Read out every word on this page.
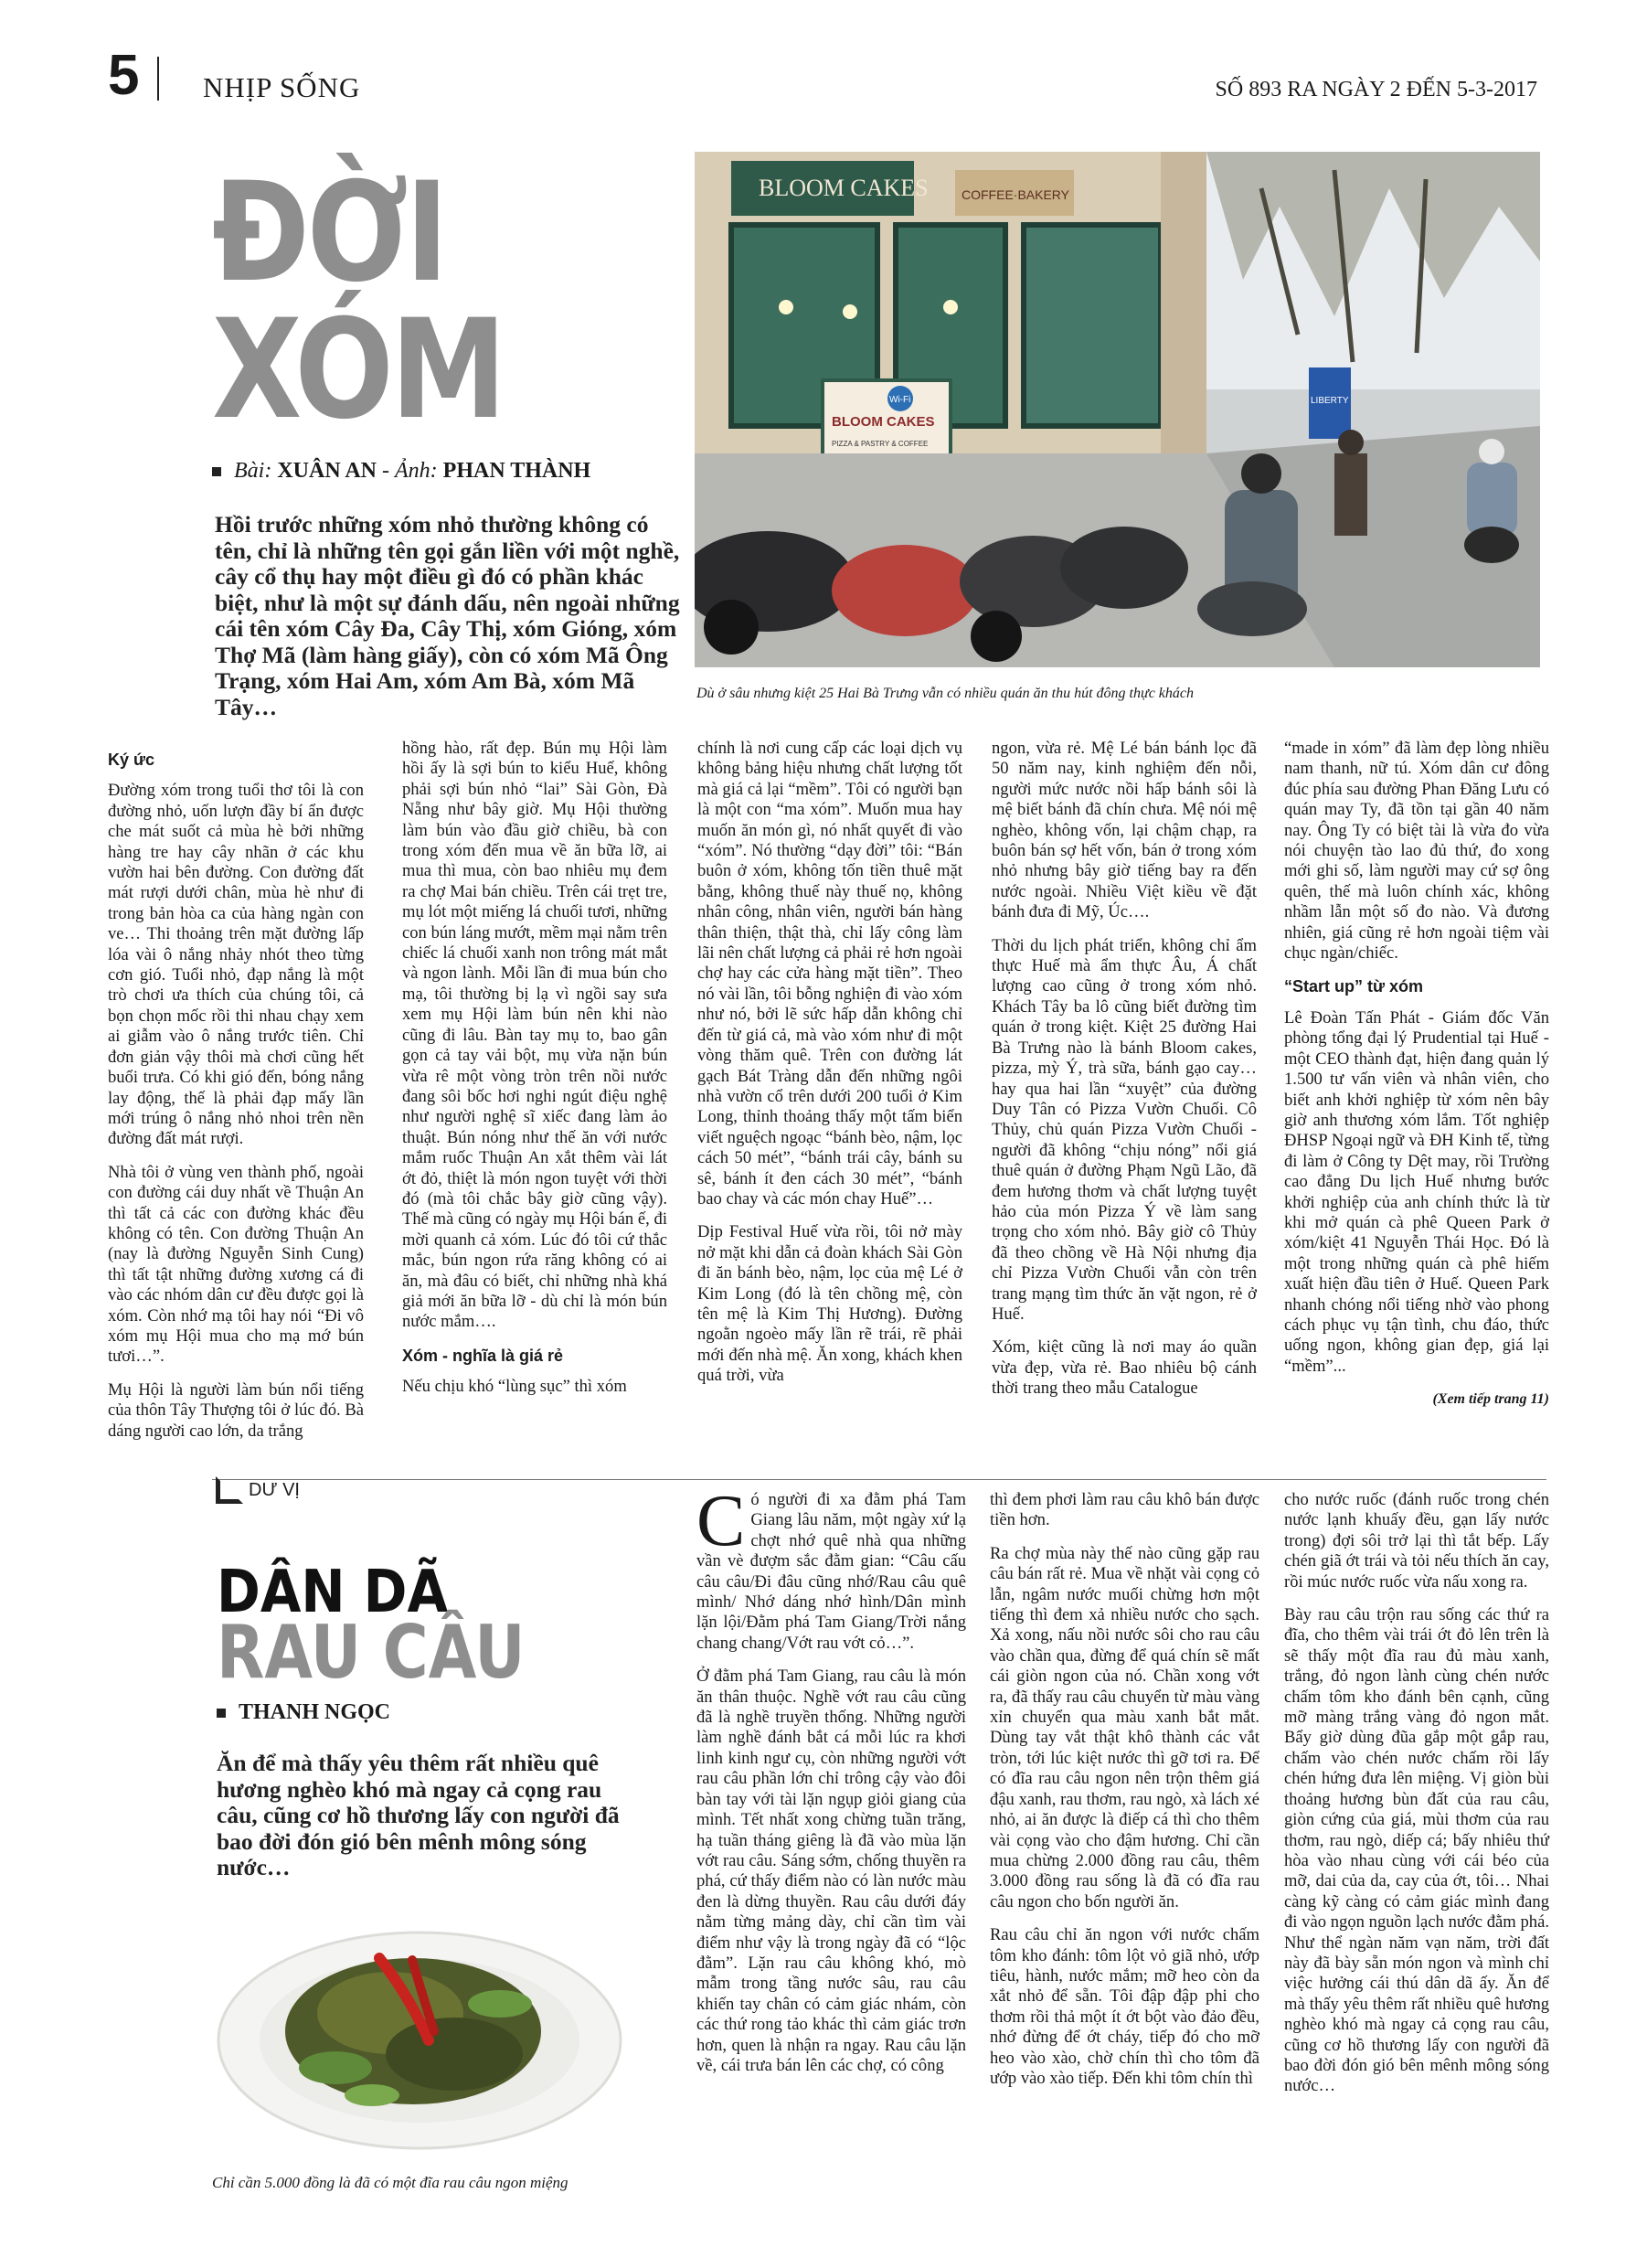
5 NHỊP SỐNG	SỐ 893 RA NGÀY 2 ĐẾN 5-3-2017
ĐỜI
XÓM
Bài: XUÂN AN - Ảnh: PHAN THÀNH
Hồi trước những xóm nhỏ thường không có tên, chỉ là những tên gọi gắn liền với một nghề, cây cổ thụ hay một điều gì đó có phần khác biệt, như là một sự đánh dấu, nên ngoài những cái tên xóm Cây Đa, Cây Thị, xóm Gióng, xóm Thợ Mã (làm hàng giấy), còn có xóm Mã Ông Trạng, xóm Hai Am, xóm Am Bà, xóm Mã Tây…
BLOOM CAKES	COFFEE·BAKERY
BLOOM CAKES
PIZZA & PASTRY & COFFEE
Wi-Fi	LIBERTY
Dù ở sâu nhưng kiệt 25 Hai Bà Trưng vẫn có nhiều quán ăn thu hút đông thực khách
Ký ức

Đường xóm trong tuổi thơ tôi là con đường nhỏ, uốn lượn đầy bí ẩn được che mát suốt cả mùa hè bởi những hàng tre hay cây nhãn ở các khu vườn hai bên đường. Con đường đất mát rượi dưới chân, mùa hè như đi trong bản hòa ca của hàng ngàn con ve… Thi thoảng trên mặt đường lấp lóa vài ô nắng nhảy nhót theo từng cơn gió. Tuổi nhỏ, đạp nắng là một trò chơi ưa thích của chúng tôi, cả bọn chọn mốc rồi thi nhau chạy xem ai giẫm vào ô nắng trước tiên. Chỉ đơn giản vậy thôi mà chơi cũng hết buổi trưa. Có khi gió đến, bóng nắng lay động, thế là phải đạp mấy lần mới trúng ô nắng nhỏ nhoi trên nền đường đất mát rượi.

Nhà tôi ở vùng ven thành phố, ngoài con đường cái duy nhất về Thuận An thì tất cả các con đường khác đều không có tên. Con đường Thuận An (nay là đường Nguyễn Sinh Cung) thì tất tật những đường xương cá đi vào các nhóm dân cư đều được gọi là xóm. Còn nhớ mạ tôi hay nói “Đi vô xóm mụ Hội mua cho mạ mớ bún tươi…”.

Mụ Hội là người làm bún nổi tiếng của thôn Tây Thượng tôi ở lúc đó. Bà dáng người cao lớn, da trắng

hồng hào, rất đẹp. Bún mụ Hội làm hồi ấy là sợi bún to kiểu Huế, không phải sợi bún nhỏ “lai” Sài Gòn, Đà Nẵng như bây giờ. Mụ Hội thường làm bún vào đầu giờ chiều, bà con trong xóm đến mua về ăn bữa lỡ, ai mua thì mua, còn bao nhiêu mụ đem ra chợ Mai bán chiều. Trên cái trẹt tre, mụ lót một miếng lá chuối tươi, những con bún láng mướt, mềm mại nằm trên chiếc lá chuối xanh non trông mát mắt và ngon lành. Mỗi lần đi mua bún cho mạ, tôi thường bị lạ vì ngồi say sưa xem mụ Hội làm bún nên khi nào cũng đi lâu. Bàn tay mụ to, bao gân gọn cả tay vải bột, mụ vừa nặn bún vừa rê một vòng tròn trên nồi nước đang sôi bốc hơi nghi ngút điệu nghệ như người nghệ sĩ xiếc đang làm ảo thuật. Bún nóng như thế ăn với nước mắm ruốc Thuận An xắt thêm vài lát ớt đỏ, thiệt là món ngon tuyệt với thời đó (mà tôi chắc bây giờ cũng vậy). Thế mà cũng có ngày mụ Hội bán ế, đi mời quanh cả xóm. Lúc đó tôi cứ thắc mắc, bún ngon rứa răng không có ai ăn, mà đâu có biết, chỉ những nhà khá giả mới ăn bữa lỡ - dù chỉ là món bún nước mắm….

Xóm - nghĩa là giá rẻ

Nếu chịu khó “lùng sục” thì xóm

chính là nơi cung cấp các loại dịch vụ không bảng hiệu nhưng chất lượng tốt mà giá cả lại “mềm”. Tôi có người bạn là một con “ma xóm”. Muốn mua hay muốn ăn món gì, nó nhất quyết đi vào “xóm”. Nó thường “dạy đời” tôi: “Bán buôn ở xóm, không tốn tiền thuê mặt bằng, không thuế này thuế nọ, không nhân công, nhân viên, người bán hàng thân thiện, thật thà, chỉ lấy công làm lãi nên chất lượng cả phải rẻ hơn ngoài chợ hay các cửa hàng mặt tiền”. Theo nó vài lần, tôi bỗng nghiện đi vào xóm như nó, bởi lẽ sức hấp dẫn không chỉ đến từ giá cả, mà vào xóm như đi một vòng thăm quê. Trên con đường lát gạch Bát Tràng dẫn đến những ngôi nhà vườn cổ trên dưới 200 tuổi ở Kim Long, thỉnh thoảng thấy một tấm biển viết nguệch ngoạc “bánh bèo, nậm, lọc cách 50 mét”, “bánh trái cây, bánh su sê, bánh ít đen cách 30 mét”, “bánh bao chay và các món chay Huế”…

Dịp Festival Huế vừa rồi, tôi nở mày nở mặt khi dẫn cả đoàn khách Sài Gòn đi ăn bánh bèo, nậm, lọc của mệ Lé ở Kim Long (đó là tên chồng mệ, còn tên mệ là Kim Thị Hương). Đường ngoằn ngoèo mấy lần rẽ trái, rẽ phải mới đến nhà mệ. Ăn xong, khách khen quá trời, vừa

ngon, vừa rẻ. Mệ Lé bán bánh lọc đã 50 năm nay, kinh nghiệm đến nỗi, người mức nước nồi hấp bánh sôi là mệ biết bánh đã chín chưa. Mệ nói mệ nghèo, không vốn, lại chậm chạp, ra buôn bán sợ hết vốn, bán ở trong xóm nhỏ nhưng bây giờ tiếng bay ra đến nước ngoài. Nhiều Việt kiều về đặt bánh đưa đi Mỹ, Úc….

Thời du lịch phát triển, không chỉ ẩm thực Huế mà ẩm thực Âu, Á chất lượng cao cũng ở trong xóm nhỏ. Khách Tây ba lô cũng biết đường tìm quán ở trong kiệt. Kiệt 25 đường Hai Bà Trưng nào là bánh Bloom cakes, pizza, mỳ Ý, trà sữa, bánh gạo cay… hay qua hai lần “xuyệt” của đường Duy Tân có Pizza Vườn Chuối. Cô Thủy, chủ quán Pizza Vườn Chuối - người đã không “chịu nóng” nổi giá thuê quán ở đường Phạm Ngũ Lão, đã đem hương thơm và chất lượng tuyệt hảo của món Pizza Ý về làm sang trọng cho xóm nhỏ. Bây giờ cô Thủy đã theo chồng về Hà Nội nhưng địa chỉ Pizza Vườn Chuối vẫn còn trên trang mạng tìm thức ăn vặt ngon, rẻ ở Huế.

Xóm, kiệt cũng là nơi may áo quần vừa đẹp, vừa rẻ. Bao nhiêu bộ cánh thời trang theo mẫu Catalogue

“made in xóm” đã làm đẹp lòng nhiều nam thanh, nữ tú. Xóm dân cư đông đúc phía sau đường Phan Đăng Lưu có quán may Ty, đã tồn tại gần 40 năm nay. Ông Ty có biệt tài là vừa đo vừa nói chuyện tào lao đủ thứ, đo xong mới ghi số, làm người may cứ sợ ông quên, thế mà luôn chính xác, không nhầm lẫn một số đo nào. Và đương nhiên, giá cũng rẻ hơn ngoài tiệm vài chục ngàn/chiếc.

“Start up” từ xóm

Lê Đoàn Tấn Phát - Giám đốc Văn phòng tổng đại lý Prudential tại Huế - một CEO thành đạt, hiện đang quản lý 1.500 tư vấn viên và nhân viên, cho biết anh khởi nghiệp từ xóm nên bây giờ anh thương xóm lắm. Tốt nghiệp ĐHSP Ngoại ngữ và ĐH Kinh tế, từng đi làm ở Công ty Dệt may, rồi Trường cao đẳng Du lịch Huế nhưng bước khởi nghiệp của anh chính thức là từ khi mở quán cà phê Queen Park ở xóm/kiệt 41 Nguyễn Thái Học. Đó là một trong những quán cà phê hiếm xuất hiện đầu tiên ở Huế. Queen Park nhanh chóng nổi tiếng nhờ vào phong cách phục vụ tận tình, chu đáo, thức uống ngon, không gian đẹp, giá lại “mềm”...

(Xem tiếp trang 11)
DƯ VỊ
DÂN DÃ
RAU CÂU
THANH NGỌC
Ăn để mà thấy yêu thêm rất nhiều quê hương nghèo khó mà ngay cả cọng rau câu, cũng cơ hồ thương lấy con người đã bao đời đón gió bên mênh mông sóng nước…
Chỉ cần 5.000 đồng là đã có một đĩa rau câu ngon miệng

Có người đi xa đằm phá Tam Giang lâu năm, một ngày xứ lạ chợt nhớ quê nhà qua những vần vè đượm sắc đằm gian: “Câu cấu câu câu/Đi đâu cũng nhớ/Rau câu quê mình/ Nhớ dáng nhớ hình/Dân mình lặn lội/Đằm phá Tam Giang/Trời nắng chang chang/Vớt rau vớt cỏ…”.

Ở đằm phá Tam Giang, rau câu là món ăn thân thuộc. Nghề vớt rau câu cũng đã là nghề truyền thống. Những người làm nghề đánh bắt cá mỗi lúc ra khơi linh kinh ngư cụ, còn những người vớt rau câu phần lớn chỉ trông cậy vào đôi bàn tay với tài lặn ngụp giỏi giang của mình. Tết nhất xong chừng tuần trăng, hạ tuần tháng giêng là đã vào mùa lặn vớt rau câu. Sáng sớm, chống thuyền ra phá, cứ thấy điểm nào có làn nước màu đen là dừng thuyền. Rau câu dưới đáy nằm từng mảng dày, chỉ cần tìm vài điểm như vậy là trong ngày đã có “lộc đằm”. Lặn rau câu không khó, mò mẫm trong tầng nước sâu, rau câu khiến tay chân có cảm giác nhám, còn các thứ rong tảo khác thì cảm giác trơn hơn, quen là nhận ra ngay. Rau câu lặn về, cái trưa bán lên các chợ, có công

thì đem phơi làm rau câu khô bán được tiền hơn.

Ra chợ mùa này thế nào cũng gặp rau câu bán rất rẻ. Mua về nhặt vài cọng cỏ lẫn, ngâm nước muối chừng hơn một tiếng thì đem xả nhiều nước cho sạch. Xả xong, nấu nồi nước sôi cho rau câu vào chần qua, đừng để quá chín sẽ mất cái giòn ngon của nó. Chần xong vớt ra, đã thấy rau câu chuyển từ màu vàng xỉn chuyển qua màu xanh bắt mắt. Dùng tay vắt thật khô thành các vắt tròn, tới lúc kiệt nước thì gỡ tơi ra. Để có đĩa rau câu ngon nên trộn thêm giá đậu xanh, rau thơm, rau ngò, xà lách xé nhỏ, ai ăn được là điếp cá thì cho thêm vài cọng vào cho đậm hương. Chỉ cần mua chừng 2.000 đồng rau câu, thêm 3.000 đồng rau sống là đã có đĩa rau câu ngon cho bốn người ăn.

Rau câu chỉ ăn ngon với nước chấm tôm kho đánh: tôm lột vỏ giã nhỏ, ướp tiêu, hành, nước mắm; mỡ heo còn da xắt nhỏ để sẵn. Tôi đập đập phi cho thơm rồi thả một ít ớt bột vào đảo đều, nhớ đừng để ớt cháy, tiếp đó cho mỡ heo vào xào, chờ chín thì cho tôm đã ướp vào xào tiếp. Đến khi tôm chín thì

cho nước ruốc (đánh ruốc trong chén nước lạnh khuấy đều, gạn lấy nước trong) đợi sôi trở lại thì tắt bếp. Lấy chén giã ớt trái và tỏi nếu thích ăn cay, rồi múc nước ruốc vừa nấu xong ra.

Bày rau câu trộn rau sống các thứ ra đĩa, cho thêm vài trái ớt đỏ lên trên là sẽ thấy một đĩa rau đủ màu xanh, trắng, đỏ ngon lành cùng chén nước chấm tôm kho đánh bên cạnh, cũng mỡ màng trắng vàng đỏ ngon mắt. Bẩy giờ dùng đũa gắp một gắp rau, chấm vào chén nước chấm rồi lấy chén hứng đưa lên miệng. Vị giòn bùi thoảng hương bùn đất của rau câu, giòn cứng của giá, mùi thơm của rau thơm, rau ngò, diếp cá; bấy nhiêu thứ hòa vào nhau cùng với cái béo của mỡ, dai của da, cay của ớt, tôi… Nhai càng kỹ càng có cảm giác mình đang đi vào ngọn nguồn lạch nước đằm phá. Như thể ngàn năm vạn năm, trời đất này đã bày sẵn món ngon và mình chỉ việc hưởng cái thú dân dã ấy. Ăn để mà thấy yêu thêm rất nhiều quê hương nghèo khó mà ngay cả cọng rau câu, cũng cơ hồ thương lấy con người đã bao đời đón gió bên mênh mông sóng nước…
